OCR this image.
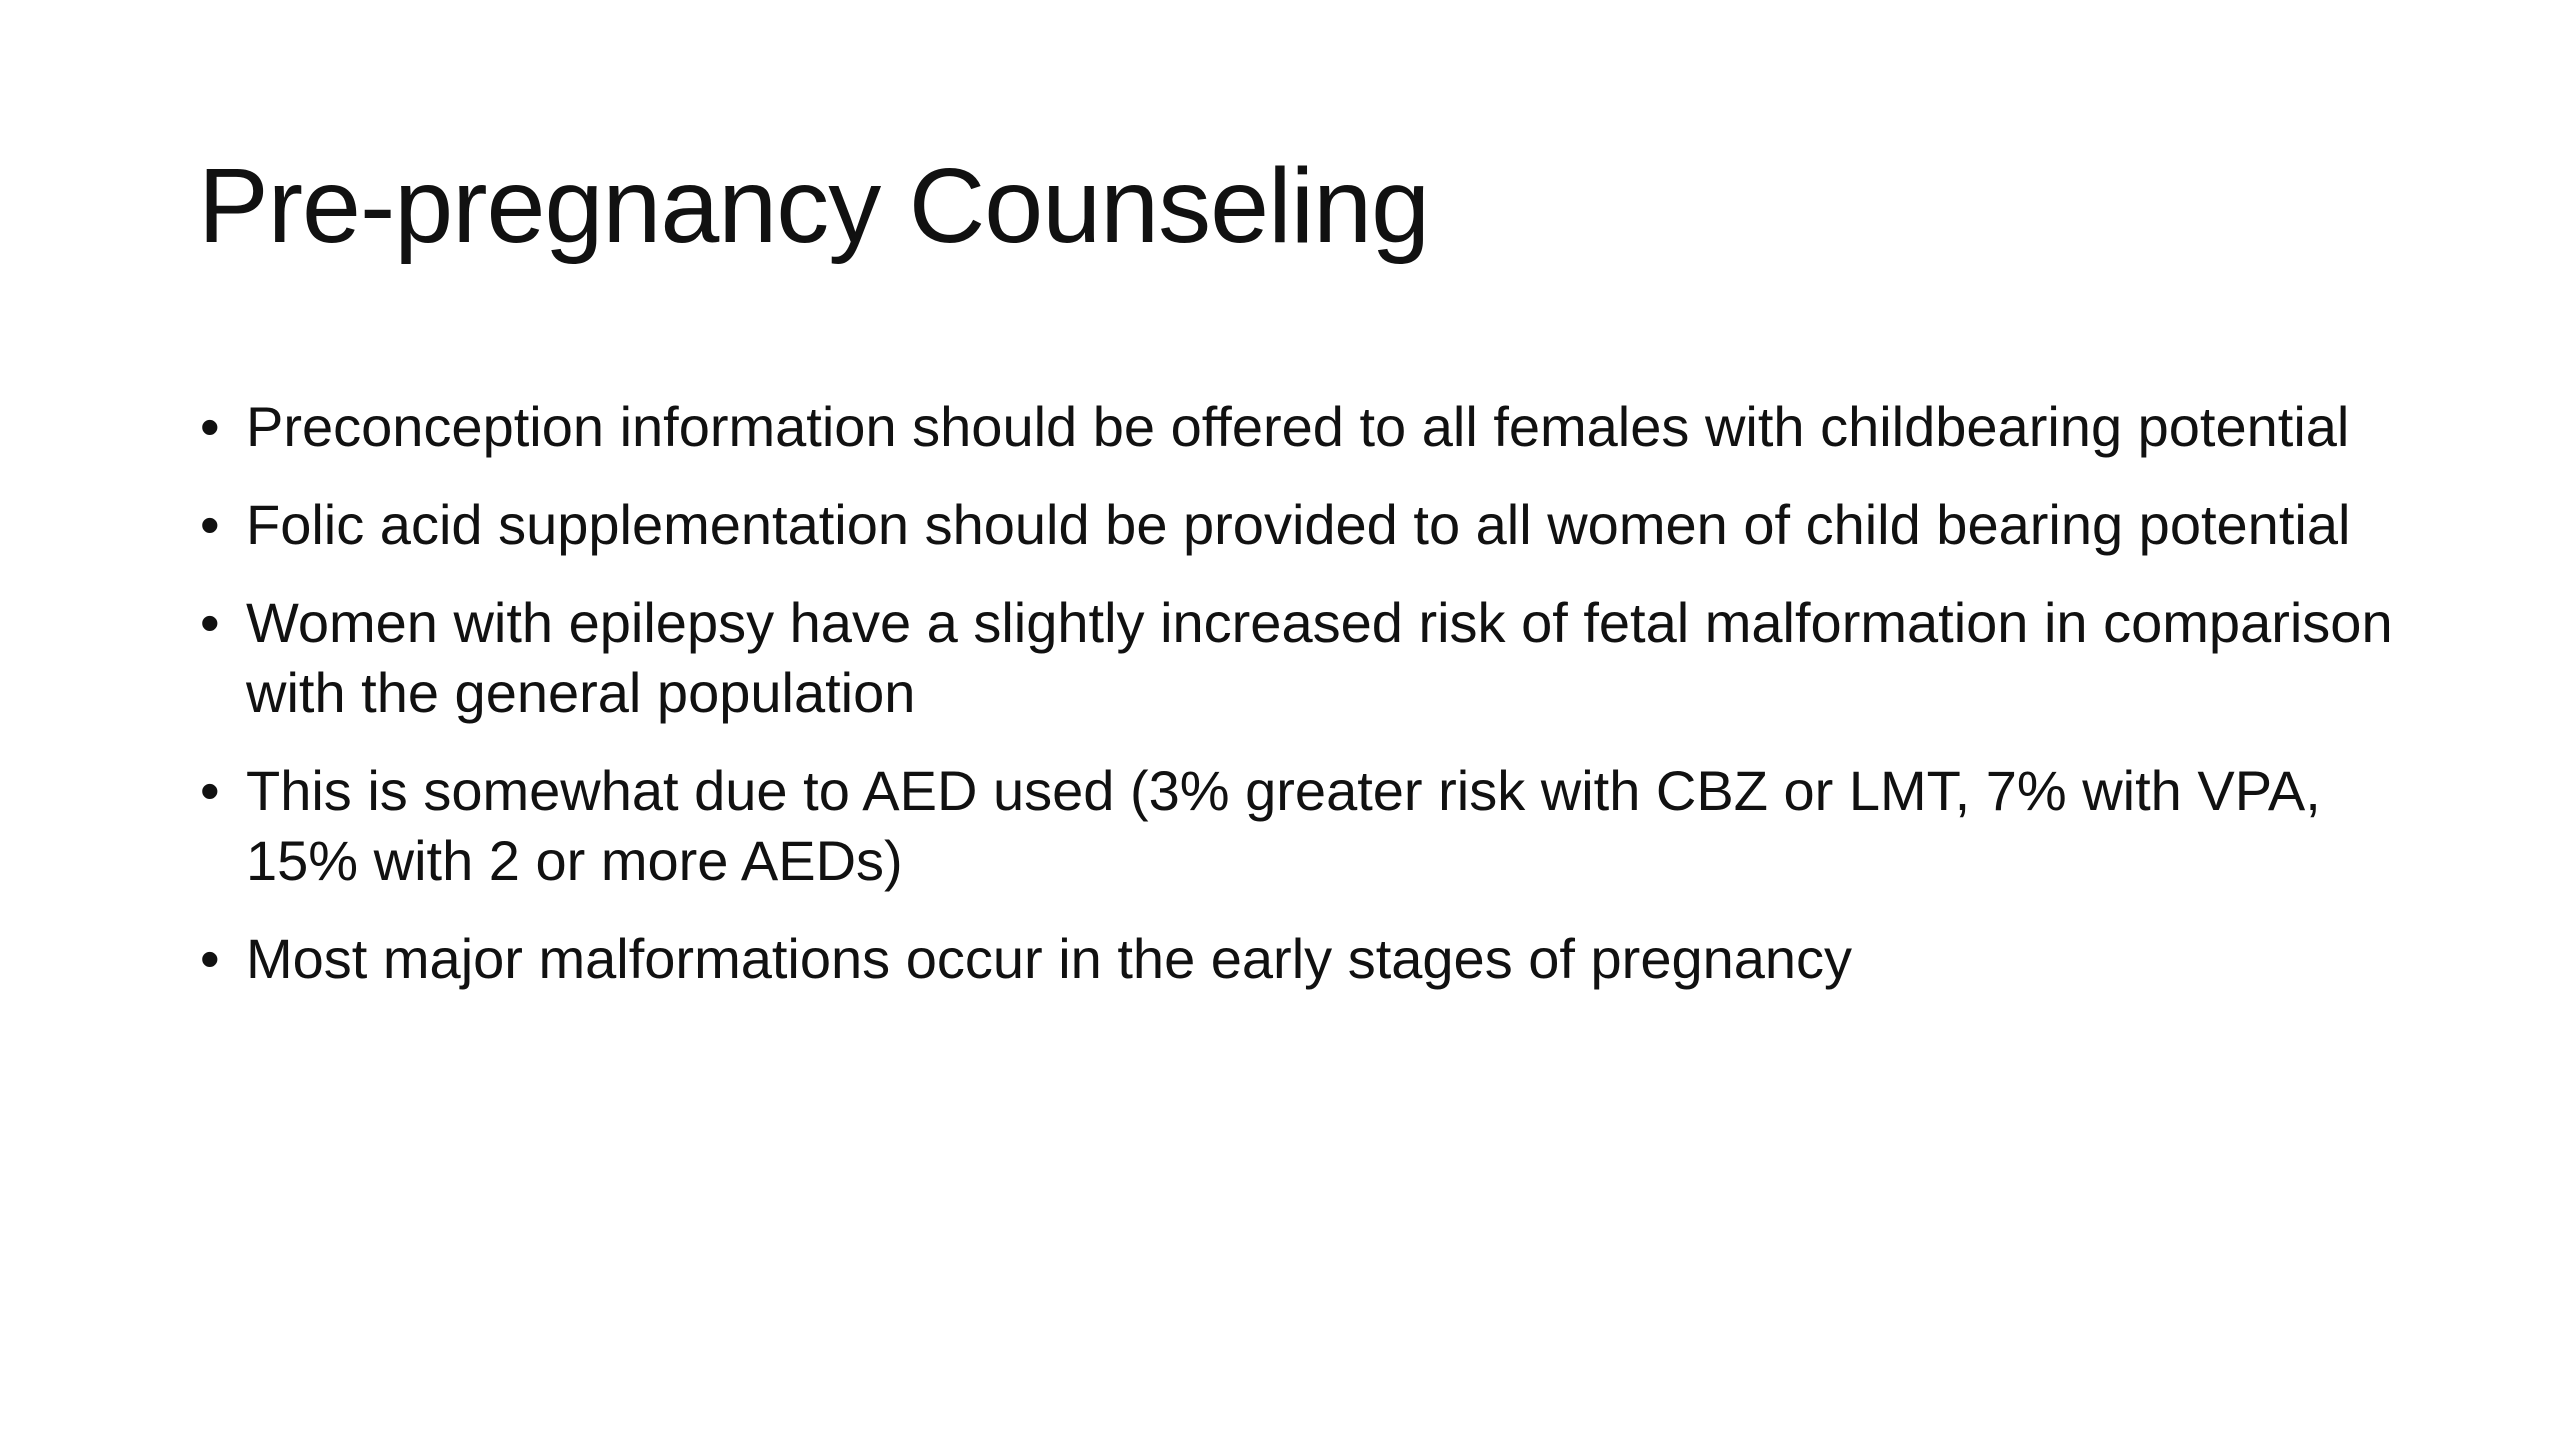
Pre-pregnancy Counseling
• Preconception information should be offered to all females with childbearing potential
• Folic acid supplementation should be provided to all women of child bearing potential
• Women with epilepsy have a slightly increased risk of fetal malformation in comparison with the general population
• This is somewhat due to AED used (3% greater risk with CBZ or LMT, 7% with VPA, 15% with 2 or more AEDs)
• Most major malformations occur in the early stages of pregnancy
